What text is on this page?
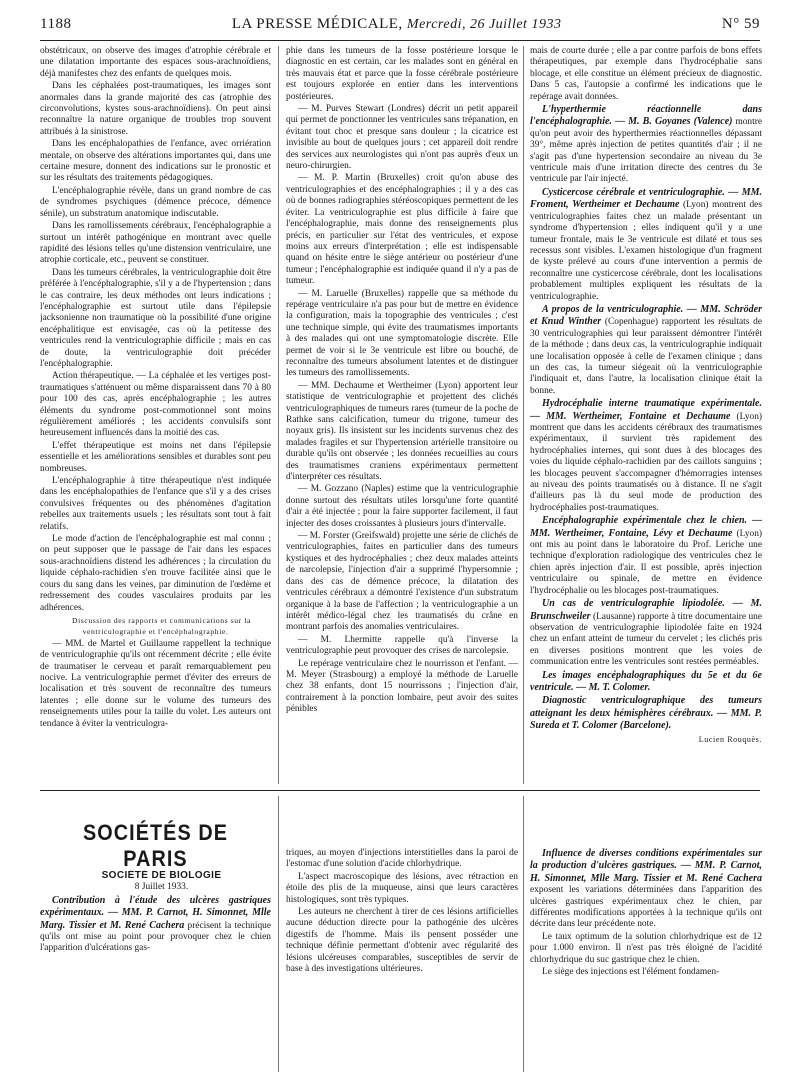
1188	LA PRESSE MÉDICALE, Mercredi, 26 Juillet 1933	N° 59

obstétricaux, on observe des images d'atrophie cérébrale et une dilatation importante des espaces sous-arachnoïdiens, déjà manifestes chez des enfants de quelques mois.

Dans les céphalées post-traumatiques, les images sont anormales dans la grande majorité des cas (atrophie des circonvolutions, kystes sous-arachnoïdiens). On peut ainsi reconnaître la nature organique de troubles trop souvent attribués à la sinistrose.

Dans les encéphalopathies de l'enfance, avec orriération mentale, on observe des altérations importantes qui, dans une certaine mesure, donnent des indications sur le pronostic et sur les résultats des traitements pédagogiques.

L'encéphalographie révèle, dans un grand nombre de cas de syndromes psychiques (démence précoce, démence sénile), un substratum anatomique indiscutable.

Dans les ramollissements cérébraux, l'encéphalographie a surtout un intérêt pathogénique en montrant avec quelle rapidité des lésions telles qu'une distension ventriculaire, une atrophie corticale, etc., peuvent se constituer.

Dans les tumeurs cérébrales, la ventriculographie doit être préférée à l'encéphalographie, s'il y a de l'hypertension ; dans le cas contraire, les deux méthodes ont leurs indications ; l'encéphalographie est surtout utile dans l'épilepsie jacksonienne non traumatique où la possibilité d'une origine encéphalitique est envisagée, cas où la petitesse des ventricules rend la ventriculographie difficile ; mais en cas de doute, la ventriculographie doit précéder l'encéphalographie.

Action thérapeutique. — La céphalée et les vertiges post-traumatiques s'atténuent ou même disparaissent dans 70 à 80 pour 100 des cas, après encéphalographie ; les autres éléments du syndrome post-commotionnel sont moins régulièrement améliorés ; les accidents convulsifs sont heureusement influencés dans la moitié des cas.

L'effet thérapeutique est moins net dans l'épilepsie essentielle et les améliorations sensibles et durables sont peu nombreuses.

L'encéphalographie à titre thérapeutique n'est indiquée dans les encéphalopathies de l'enfance que s'il y a des crises convulsives fréquentes ou des phénomènes d'agitation rebelles aux traitements usuels ; les résultats sont tout à fait relatifs.

Le mode d'action de l'encéphalographie est mal connu ; on peut supposer que le passage de l'air dans les espaces sous-arachnoïdiens distend les adhérences ; la circulation du liquide céphalo-rachidien s'en trouve facilitée ainsi que le cours du sang dans les veines, par diminution de l'œdème et redressement des coudes vasculaires produits par les adhérences.

Discussion des rapports et communications sur la ventriculographie et l'encéphalographie.

— MM. de Martel et Guillaume rappellent la technique de ventriculographie qu'ils ont récemment décrite ; elle évite de traumatiser le cerveau et paraît remarquablement peu nocive. La ventriculographie permet d'éviter des erreurs de localisation et très souvent de reconnaître des tumeurs latentes ; elle donne sur le volume des tumeurs des renseignements utiles pour la taille du volet. Les auteurs ont tendance à éviter la ventriculogra-

phie dans les tumeurs de la fosse postérieure lorsque le diagnostic en est certain, car les malades sont en général en très mauvais état et parce que la fosse cérébrale postérieure est toujours explorée en entier dans les interventions postérieures.

— M. Purves Stewart (Londres) décrit un petit appareil qui permet de ponctionner les ventricules sans trépanation, en évitant tout choc et presque sans douleur ; la cicatrice est invisible au bout de quelques jours ; cet appareil doit rendre des services aux neurologistes qui n'ont pas auprès d'eux un neuro-chirurgien.

— M. P. Martin (Bruxelles) croit qu'on abuse des ventriculographies et des encéphalographies ; il y a des cas où de bonnes radiographies stéréoscopiques permettent de les éviter. La ventriculographie est plus difficile à faire que l'encéphalographie, mais donne des renseignements plus précis, en particulier sur l'état des ventricules, et expose moins aux erreurs d'interprétation ; elle est indispensable quand on hésite entre le siège antérieur ou postérieur d'une tumeur ; l'encéphalographie est indiquée quand il n'y a pas de tumeur.

— M. Laruelle (Bruxelles) rappelle que sa méthode du repérage ventriculaire n'a pas pour but de mettre en évidence la configuration, mais la topographie des ventricules ; c'est une technique simple, qui évite des traumatismes importants à des malades qui ont une symptomatologie discrète. Elle permet de voir si le 3e ventricule est libre ou bouché, de reconnaître des tumeurs absolument latentes et de distinguer les tumeurs des ramollissements.

— MM. Dechaume et Wertheimer (Lyon) apportent leur statistique de ventriculographie et projettent des clichés ventriculographiques de tumeurs rares (tumeur de la poche de Rathke sans calcification, tumeur du trigone, tumeur des noyaux gris). Ils insistent sur les incidents survenus chez des malades fragiles et sur l'hypertension artérielle transitoire ou durable qu'ils ont observée ; les données recueillies au cours des traumatismes craniens expérimentaux permettent d'interpréter ces résultats.

— M. Gozzano (Naples) estime que la ventriculographie donne surtout des résultats utiles lorsqu'une forte quantité d'air a été injectée ; pour la faire supporter facilement, il faut injecter des doses croissantes à plusieurs jours d'intervalle.

— M. Forster (Greifswald) projette une série de clichés de ventriculographies, faites en particulier dans des tumeurs kystiques et des hydrocéphalies ; chez deux malades atteints de narcolepsie, l'injection d'air a supprimé l'hypersomnie ; dans des cas de démence précoce, la dilatation des ventricules cérébraux a démontré l'existence d'un substratum organique à la base de l'affection ; la ventriculographie a un intérêt médico-légal chez les traumatisés du crâne en montrant parfois des anomalies ventriculaires.

— M. Lhermitte rappelle qu'à l'inverse la ventriculographie peut provoquer des crises de narcolepsie.

Le repérage ventriculaire chez le nourrisson et l'enfant. — M. Meyer (Strasbourg) a employé la méthode de Laruelle chez 38 enfants, dont 15 nourrissons ; l'injection d'air, contrairement à la ponction lombaire, peut avoir des suites pénibles

mais de courte durée ; elle a par contre parfois de bons effets thérapeutiques, par exemple dans l'hydrocéphalie sans blocage, et elle constitue un élément précieux de diagnostic. Dans 5 cas, l'autopsie a confirmé les indications que le repérage avait données.

L'hyperthermie réactionnelle dans l'encéphalographie. — M. B. Goyanes (Valence) montre qu'on peut avoir des hyperthermies réactionnelles dépassant 39°, même après injection de petites quantités d'air ; il ne s'agit pas d'une hypertension secondaire au niveau du 3e ventricule mais d'une irritation directe des centres du 3e ventricule par l'air injecté.

Cysticercose cérébrale et ventriculographie. — MM. Froment, Wertheimer et Dechaume (Lyon) montrent des ventriculographies faites chez un malade présentant un syndrome d'hypertension ; elles indiquent qu'il y a une tumeur frontale, mais le 3e ventricule est dilaté et tous ses recessus sont visibles. L'examen histologique d'un fragment de kyste prélevé au cours d'une intervention a permis de reconnaître une cysticercose cérébrale, dont les localisations probablement multiples expliquent les résultats de la ventriculographie.

A propos de la ventriculographie. — MM. Schröder et Knud Winther (Copenhague) rapportent les résultats de 30 ventriculographies qui leur paraissent démontrer l'intérêt de la méthode ; dans deux cas, la ventriculographie indiquait une localisation opposée à celle de l'examen clinique ; dans un des cas, la tumeur siégeait où la ventriculographie l'indiquait et, dans l'autre, la localisation clinique était la bonne.

Hydrocéphalie interne traumatique expérimentale. — MM. Wertheimer, Fontaine et Dechaume (Lyon) montrent que dans les accidents cérébraux des traumatismes expérimentaux, il survient très rapidement des hydrocéphalies internes, qui sont dues à des blocages des voies du liquide céphalo-rachidien par des caillots sanguins ; les blocages peuvent s'accompagner d'hémorragies intenses au niveau des points traumatisés ou à distance. Il ne s'agit d'ailleurs pas là du seul mode de production des hydrocéphalies post-traumatiques.

Encéphalographie expérimentale chez le chien. — MM. Wertheimer, Fontaine, Lévy et Dechaume (Lyon) ont mis au point dans le laboratoire du Prof. Leriche une technique d'exploration radiologique des ventricules chez le chien après injection d'air. Il est possible, après injection ventriculaire ou spinale, de mettre en évidence l'hydrocéphalie ou les blocages post-traumatiques.

Un cas de ventriculographie lipiodolée. — M. Brunschweiler (Lausanne) rapporte à titre documentaire une observation de ventriculographie lipiodolée faite en 1924 chez un enfant atteint de tumeur du cervelet ; les clichés pris en diverses positions montrent que les voies de communication entre les ventricules sont restées perméables.

Les images encéphalographiques du 5e et du 6e ventricule. — M. T. Colomer.

Diagnostic ventriculographique des tumeurs atteignant les deux hémisphères cérébraux. — MM. P. Sureda et T. Colomer (Barcelone).

Lucien Rouquès.

SOCIÉTÉS DE PARIS

SOCIÉTÉ DE BIOLOGIE

8 Juillet 1933.

Contribution à l'étude des ulcères gastriques expérimentaux. — MM. P. Carnot, H. Simonnet, Mlle Marg. Tissier et M. René Cachera précisent la technique qu'ils ont mise au point pour provoquer chez le chien l'apparition d'ulcérations gas-

triques, au moyen d'injections interstitielles dans la paroi de l'estomac d'une solution d'acide chlorhydrique.

L'aspect macroscopique des lésions, avec rétraction en étoile des plis de la muqueuse, ainsi que leurs caractères histologiques, sont très typiques.

Les auteurs ne cherchent à tirer de ces lésions artificielles aucune déduction directe pour la pathogénie des ulcères digestifs de l'homme. Mais ils pensent posséder une technique définie permettant d'obtenir avec régularité des lésions ulcéreuses comparables, susceptibles de servir de base à des investigations ultérieures.

Influence de diverses conditions expérimentales sur la production d'ulcères gastriques. — MM. P. Carnot, H. Simonnet, Mlle Marg. Tissier et M. René Cachera exposent les variations déterminées dans l'apparition des ulcères gastriques expérimentaux chez le chien, par différentes modifications apportées à la technique qu'ils ont décrite dans leur précédente note.

Le taux optimum de la solution chlorhydrique est de 12 pour 1.000 environ. Il n'est pas très éloigné de l'acidité chlorhydrique du suc gastrique chez le chien.

Le siège des injections est l'élément fondamen-
